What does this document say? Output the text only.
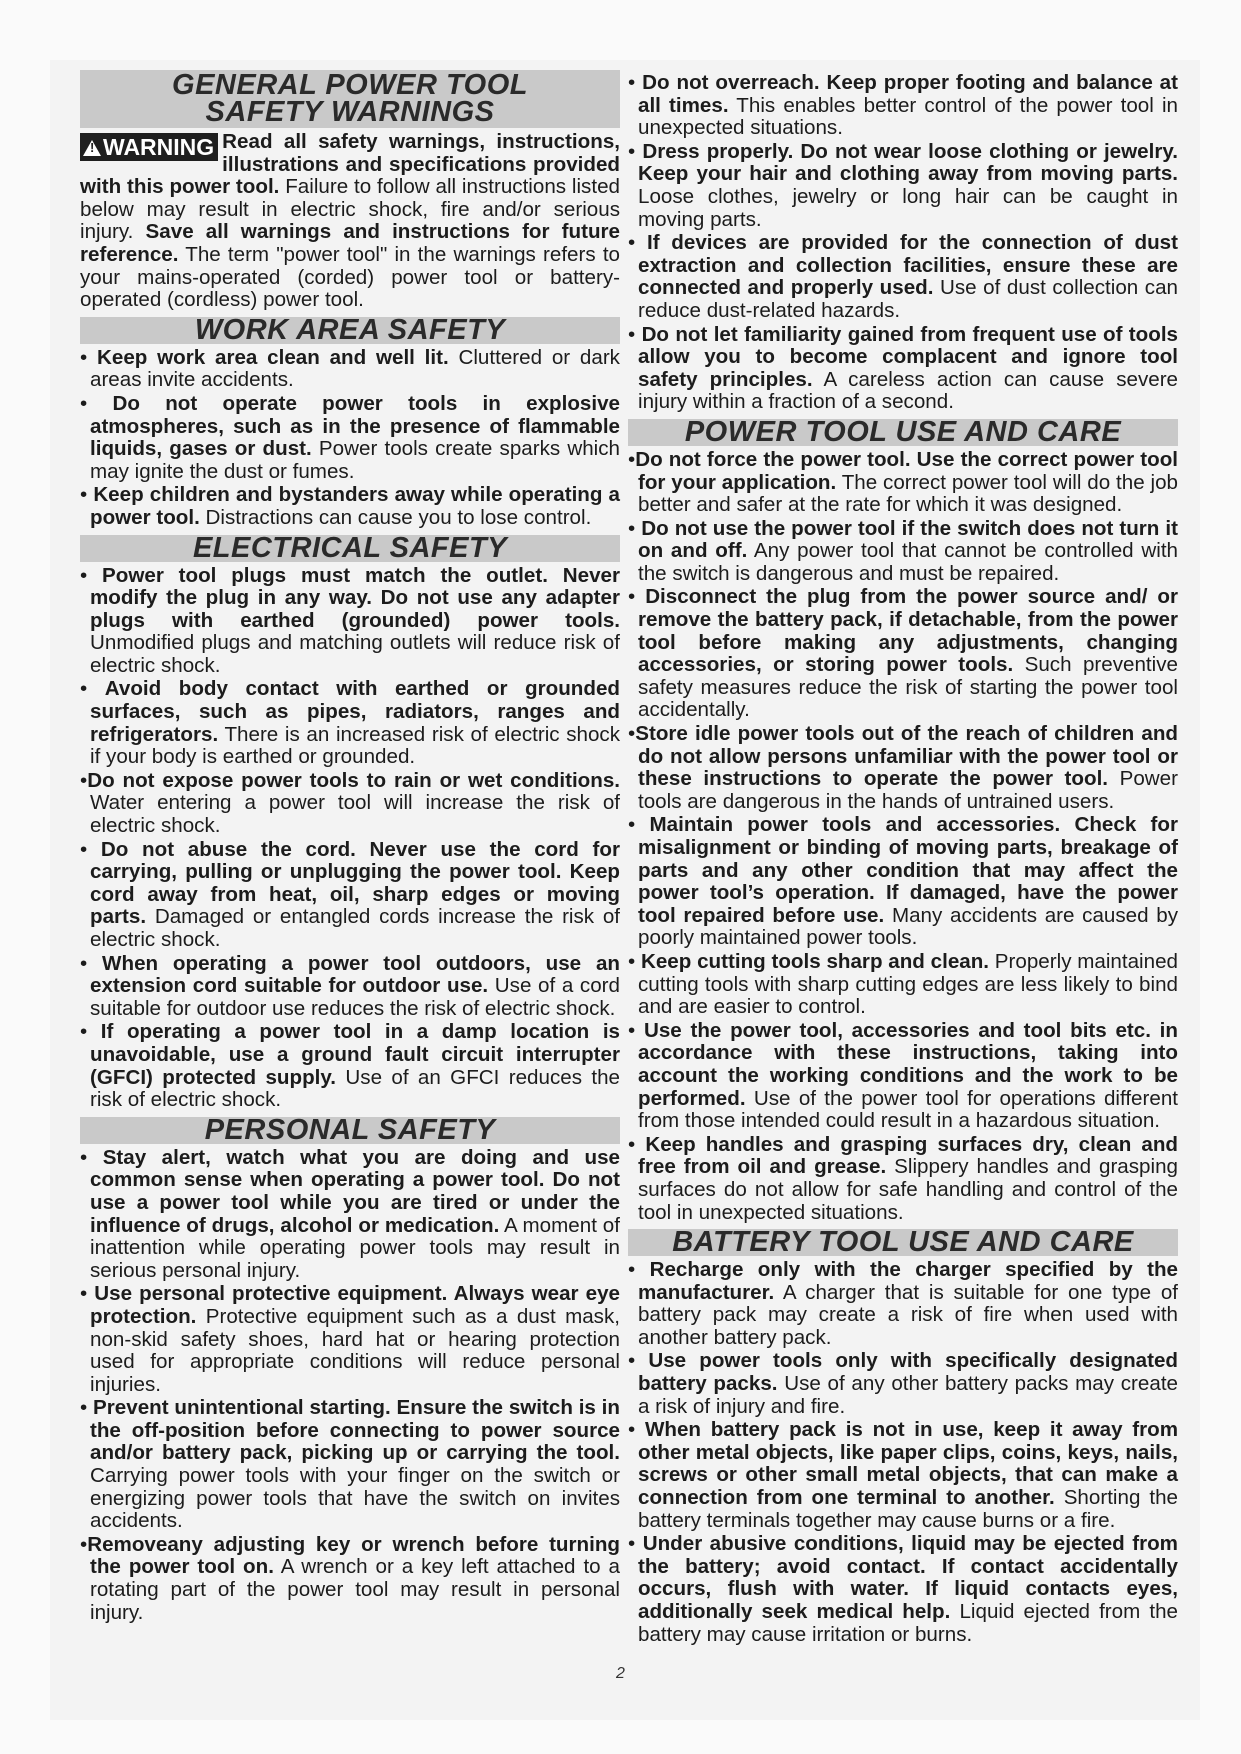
GENERAL POWER TOOL
SAFETY WARNINGS

!WARNING Read all safety warnings, instructions, illustrations and specifications provided with this power tool. Failure to follow all instructions listed below may result in electric shock, fire and/or serious injury. Save all warnings and instructions for future reference. The term "power tool" in the warnings refers to your mains-operated (corded) power tool or battery-operated (cordless) power tool.

WORK AREA SAFETY
• Keep work area clean and well lit. Cluttered or dark areas invite accidents.
• Do not operate power tools in explosive atmospheres, such as in the presence of flammable liquids, gases or dust. Power tools create sparks which may ignite the dust or fumes.
• Keep children and bystanders away while operating a power tool. Distractions can cause you to lose control.
ELECTRICAL SAFETY
• Power tool plugs must match the outlet. Never modify the plug in any way. Do not use any adapter plugs with earthed (grounded) power tools. Unmodified plugs and matching outlets will reduce risk of electric shock.
• Avoid body contact with earthed or grounded surfaces, such as pipes, radiators, ranges and refrigerators. There is an increased risk of electric shock if your body is earthed or grounded.
•Do not expose power tools to rain or wet conditions. Water entering a power tool will increase the risk of electric shock.
• Do not abuse the cord. Never use the cord for carrying, pulling or unplugging the power tool. Keep cord away from heat, oil, sharp edges or moving parts. Damaged or entangled cords increase the risk of electric shock.
• When operating a power tool outdoors, use an extension cord suitable for outdoor use. Use of a cord suitable for outdoor use reduces the risk of electric shock.
• If operating a power tool in a damp location is unavoidable, use a ground fault circuit interrupter (GFCI) protected supply. Use of an GFCI reduces the risk of electric shock.
PERSONAL SAFETY
• Stay alert, watch what you are doing and use common sense when operating a power tool. Do not use a power tool while you are tired or under the influence of drugs, alcohol or medication. A moment of inattention while operating power tools may result in serious personal injury.
• Use personal protective equipment. Always wear eye protection. Protective equipment such as a dust mask, non-skid safety shoes, hard hat or hearing protection used for appropriate conditions will reduce personal injuries.
• Prevent unintentional starting. Ensure the switch is in the off-position before connecting to power source and/or battery pack, picking up or carrying the tool. Carrying power tools with your finger on the switch or energizing power tools that have the switch on invites accidents.
•Removeany adjusting key or wrench before turning the power tool on. A wrench or a key left attached to a rotating part of the power tool may result in personal injury.
• Do not overreach. Keep proper footing and balance at all times. This enables better control of the power tool in unexpected situations.
• Dress properly. Do not wear loose clothing or jewelry. Keep your hair and clothing away from moving parts. Loose clothes, jewelry or long hair can be caught in moving parts.
• If devices are provided for the connection of dust extraction and collection facilities, ensure these are connected and properly used. Use of dust collection can reduce dust-related hazards.
• Do not let familiarity gained from frequent use of tools allow you to become complacent and ignore tool safety principles. A careless action can cause severe injury within a fraction of a second.
POWER TOOL USE AND CARE
•Do not force the power tool. Use the correct power tool for your application. The correct power tool will do the job better and safer at the rate for which it was designed.
• Do not use the power tool if the switch does not turn it on and off. Any power tool that cannot be controlled with the switch is dangerous and must be repaired.
• Disconnect the plug from the power source and/ or remove the battery pack, if detachable, from the power tool before making any adjustments, changing accessories, or storing power tools. Such preventive safety measures reduce the risk of starting the power tool accidentally.
•Store idle power tools out of the reach of children and do not allow persons unfamiliar with the power tool or these instructions to operate the power tool. Power tools are dangerous in the hands of untrained users.
• Maintain power tools and accessories. Check for misalignment or binding of moving parts, breakage of parts and any other condition that may affect the power tool’s operation. If damaged, have the power tool repaired before use. Many accidents are caused by poorly maintained power tools.
• Keep cutting tools sharp and clean. Properly maintained cutting tools with sharp cutting edges are less likely to bind and are easier to control.
• Use the power tool, accessories and tool bits etc. in accordance with these instructions, taking into account the working conditions and the work to be performed. Use of the power tool for operations different from those intended could result in a hazardous situation.
• Keep handles and grasping surfaces dry, clean and free from oil and grease. Slippery handles and grasping surfaces do not allow for safe handling and control of the tool in unexpected situations.
BATTERY TOOL USE AND CARE
• Recharge only with the charger specified by the manufacturer. A charger that is suitable for one type of battery pack may create a risk of fire when used with another battery pack.
• Use power tools only with specifically designated battery packs. Use of any other battery packs may create a risk of injury and fire.
• When battery pack is not in use, keep it away from other metal objects, like paper clips, coins, keys, nails, screws or other small metal objects, that can make a connection from one terminal to another. Shorting the battery terminals together may cause burns or a fire.
• Under abusive conditions, liquid may be ejected from the battery; avoid contact. If contact accidentally occurs, flush with water. If liquid contacts eyes, additionally seek medical help. Liquid ejected from the battery may cause irritation or burns.
2
